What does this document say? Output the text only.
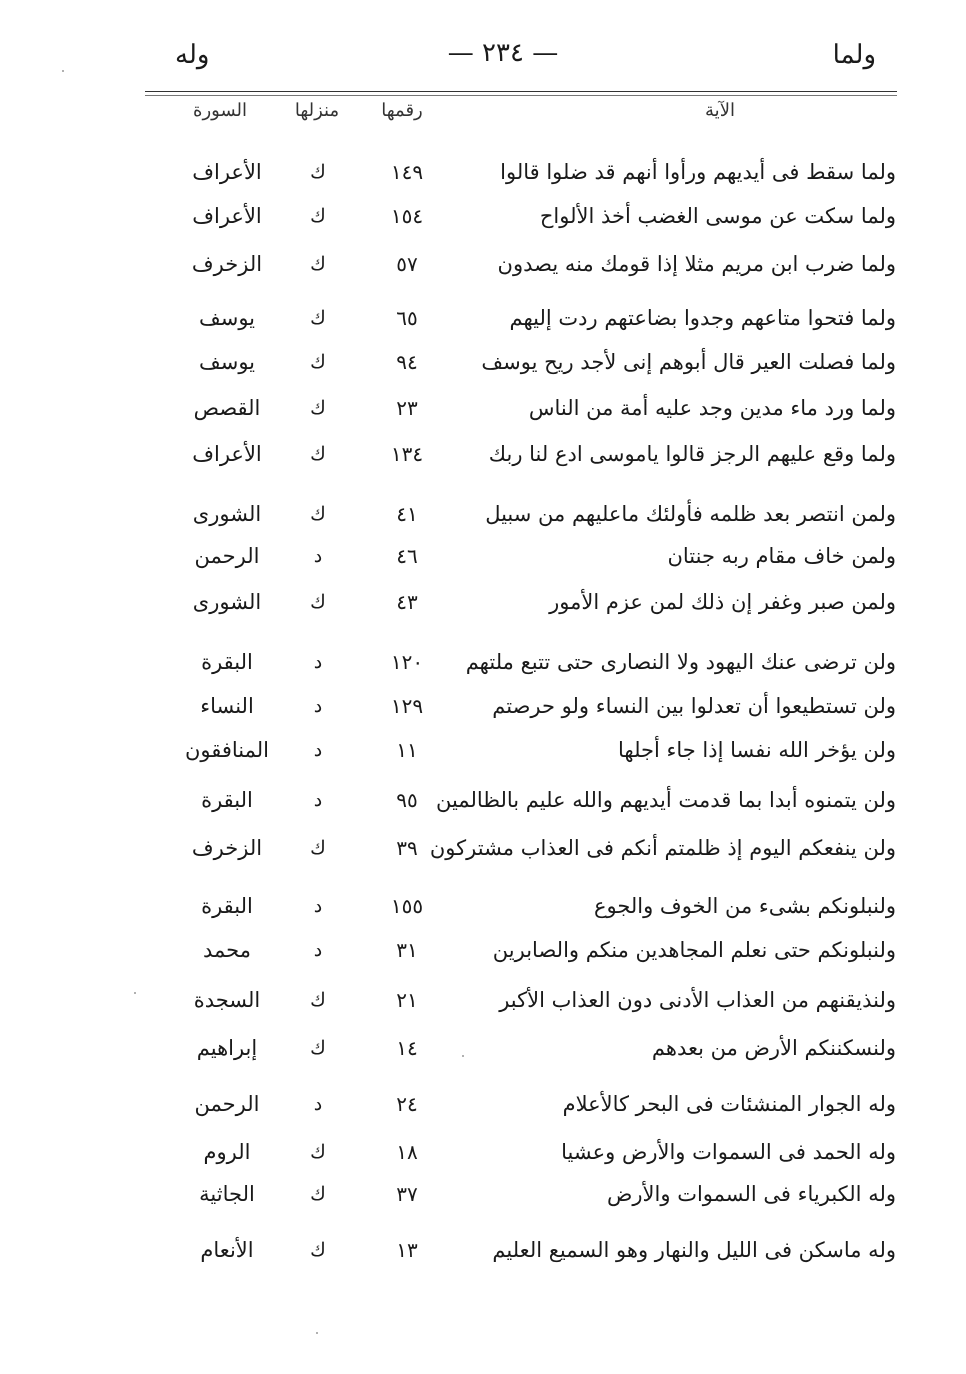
ولما
— ٢٣٤ —
وله
الآية
رقمها
منزلها
السورة
ولما سقط فى أيديهم ورأوا أنهم قد ضلوا قالوا
١٤٩
ك
الأعراف
ولما سكت عن موسى الغضب أخذ الألواح
١٥٤
ك
الأعراف
ولما ضرب ابن مريم مثلا إذا قومك منه يصدون
٥٧
ك
الزخرف
ولما فتحوا متاعهم وجدوا بضاعتهم ردت إليهم
٦٥
ك
يوسف
ولما فصلت العير قال أبوهم إنى لأجد ريح يوسف
٩٤
ك
يوسف
ولما ورد ماء مدين وجد عليه أمة من الناس
٢٣
ك
القصص
ولما وقع عليهم الرجز قالوا ياموسى ادع لنا ربك
١٣٤
ك
الأعراف
ولمن انتصر بعد ظلمه فأولئك ماعليهم من سبيل
٤١
ك
الشورى
ولمن خاف مقام ربه جنتان
٤٦
د
الرحمن
ولمن صبر وغفر إن ذلك لمن عزم الأمور
٤٣
ك
الشورى
ولن ترضى عنك اليهود ولا النصارى حتى تتبع ملتهم
١٢٠
د
البقرة
ولن تستطيعوا أن تعدلوا بين النساء ولو حرصتم
١٢٩
د
النساء
ولن يؤخر الله نفسا إذا جاء أجلها
١١
د
المنافقون
ولن يتمنوه أبدا بما قدمت أيديهم والله عليم بالظالمين
٩٥
د
البقرة
ولن ينفعكم اليوم إذ ظلمتم أنكم فى العذاب مشتركون
٣٩
ك
الزخرف
ولنبلونكم بشىء من الخوف والجوع
١٥٥
د
البقرة
ولنبلونكم حتى نعلم المجاهدين منكم والصابرين
٣١
د
محمد
ولنذيقنهم من العذاب الأدنى دون العذاب الأكبر
٢١
ك
السجدة
ولنسكننكم الأرض من بعدهم
١٤
ك
إبراهيم
وله الجوار المنشئات فى البحر كالأعلام
٢٤
د
الرحمن
وله الحمد فى السموات والأرض وعشيا
١٨
ك
الروم
وله الكبرياء فى السموات والأرض
٣٧
ك
الجاثية
وله ماسكن فى الليل والنهار وهو السميع العليم
١٣
ك
الأنعام
